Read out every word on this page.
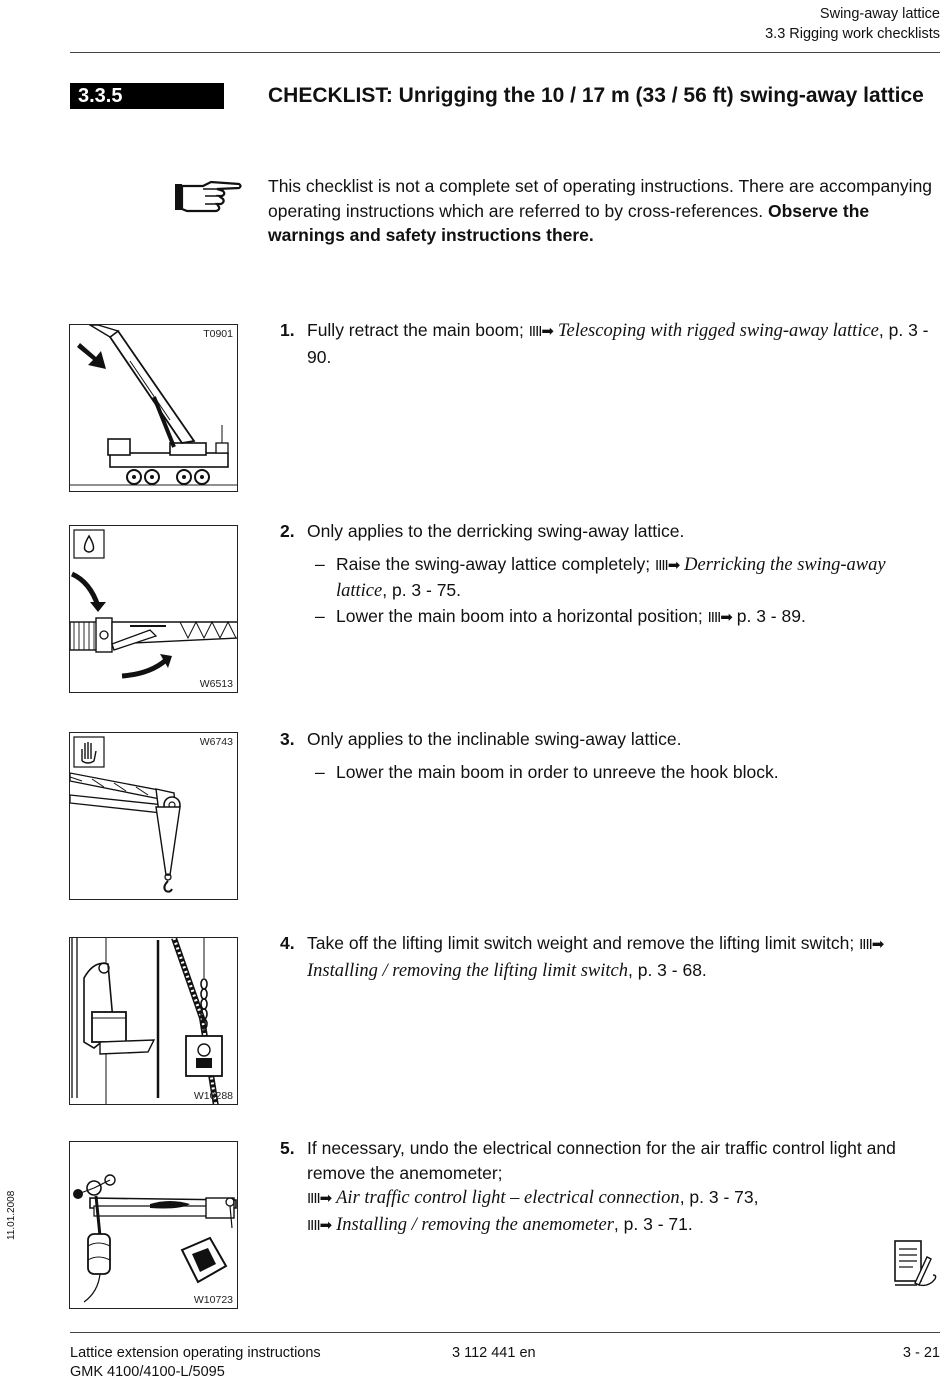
Swing-away lattice
3.3 Rigging work checklists
3.3.5	CHECKLIST: Unrigging the 10 / 17 m (33 / 56 ft) swing-away lattice
This checklist is not a complete set of operating instructions. There are accompanying operating instructions which are referred to by cross-references. Observe the warnings and safety instructions there.
T0901	1. Fully retract the main boom; IIII➡ Telescoping with rigged swing-away lattice, p. 3 - 90.
W6513
2. Only applies to the derricking swing-away lattice.
– Raise the swing-away lattice completely; IIII➡ Derricking the swing-away lattice, p. 3 - 75.
– Lower the main boom into a horizontal position; IIII➡ p. 3 - 89.
W6743	3. Only applies to the inclinable swing-away lattice.
– Lower the main boom in order to unreeve the hook block.
W10288
4. Take off the lifting limit switch weight and remove the lifting limit switch; IIII➡ Installing / removing the lifting limit switch, p. 3 - 68.
W10723
5. If necessary, undo the electrical connection for the air traffic control light and remove the anemometer;
IIII➡ Air traffic control light – electrical connection, p. 3 - 73,
IIII➡ Installing / removing the anemometer, p. 3 - 71.
11.01.2008
Lattice extension operating instructions
GMK 4100/4100-L/5095
3 112 441 en	3 - 21
